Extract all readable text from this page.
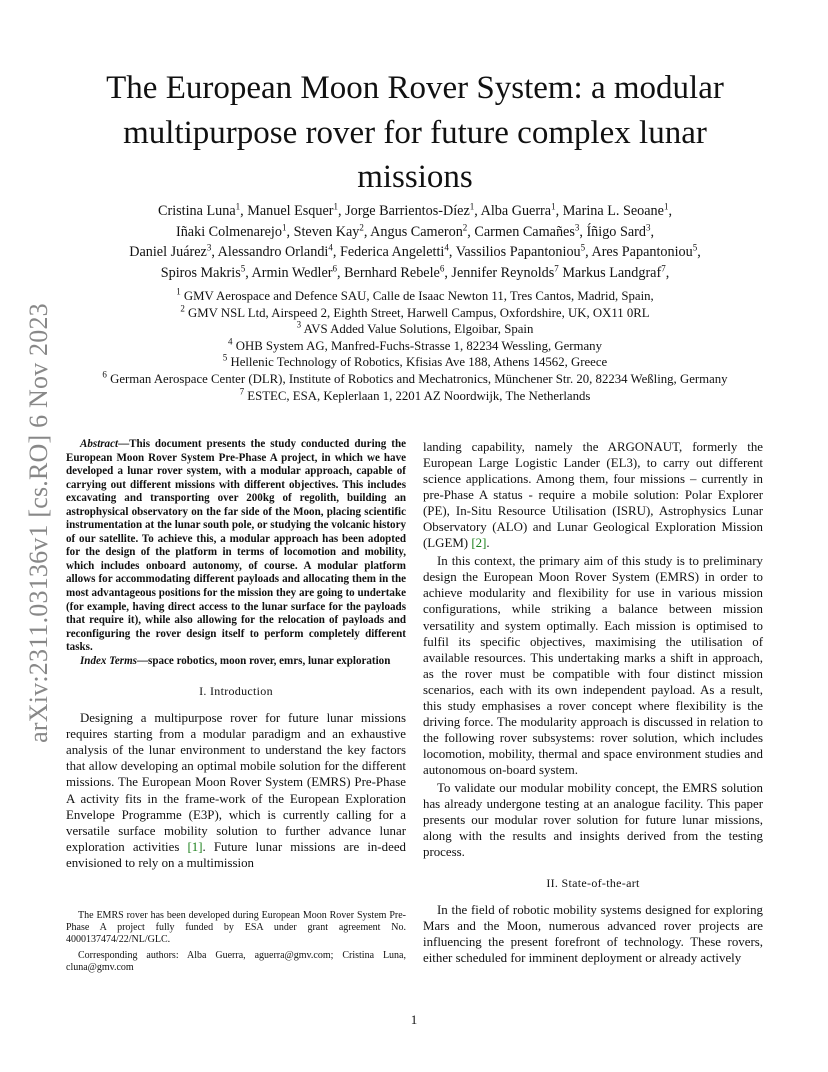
arXiv:2311.03136v1 [cs.RO] 6 Nov 2023
The European Moon Rover System: a modular multipurpose rover for future complex lunar missions
Cristina Luna$^1$, Manuel Esquer$^1$, Jorge Barrientos-Díez$^1$, Alba Guerra$^1$, Marina L. Seoane$^1$,
Iñaki Colmenarejo$^1$, Steven Kay$^2$, Angus Cameron$^2$, Carmen Camañes$^3$, Íñigo Sard$^3$,
Daniel Juárez$^3$, Alessandro Orlandi$^4$, Federica Angeletti$^4$, Vassilios Papantoniou$^5$, Ares Papantoniou$^5$,
Spiros Makris$^5$, Armin Wedler$^6$, Bernhard Rebele$^6$, Jennifer Reynolds$^7$ Markus Landgraf$^7$,
$^1$ GMV Aerospace and Defence SAU, Calle de Isaac Newton 11, Tres Cantos, Madrid, Spain,
$^2$ GMV NSL Ltd, Airspeed 2, Eighth Street, Harwell Campus, Oxfordshire, UK, OX11 0RL
$^3$ AVS Added Value Solutions, Elgoibar, Spain
$^4$ OHB System AG, Manfred-Fuchs-Strasse 1, 82234 Wessling, Germany
$^5$ Hellenic Technology of Robotics, Kfisias Ave 188, Athens 14562, Greece
$^6$ German Aerospace Center (DLR), Institute of Robotics and Mechatronics, Münchener Str. 20, 82234 Weßling, Germany
$^7$ ESTEC, ESA, Keplerlaan 1, 2201 AZ Noordwijk, The Netherlands

Abstract—This document presents the study conducted during the European Moon Rover System Pre-Phase A project, in which we have developed a lunar rover system, with a modular approach, capable of carrying out different missions with different objectives. This includes excavating and transporting over 200kg of regolith, building an astrophysical observatory on the far side of the Moon, placing scientific instrumentation at the lunar south pole, or studying the volcanic history of our satellite. To achieve this, a modular approach has been adopted for the design of the platform in terms of locomotion and mobility, which includes onboard autonomy, of course. A modular platform allows for accommodating different payloads and allocating them in the most advantageous positions for the mission they are going to undertake (for example, having direct access to the lunar surface for the payloads that require it), while also allowing for the relocation of payloads and reconfiguring the rover design itself to perform completely different tasks.

Index Terms—space robotics, moon rover, emrs, lunar exploration

I. Introduction

Designing a multipurpose rover for future lunar missions requires starting from a modular paradigm and an exhaustive analysis of the lunar environment to understand the key factors that allow developing an optimal mobile solution for the different missions. The European Moon Rover System (EMRS) Pre-Phase A activity fits in the frame-work of the European Exploration Envelope Programme (E3P), which is currently calling for a versatile surface mobility solution to further advance lunar exploration activities [1]. Future lunar missions are in-deed envisioned to rely on a multimission

landing capability, namely the ARGONAUT, formerly the European Large Logistic Lander (EL3), to carry out different science applications. Among them, four missions – currently in pre-Phase A status - require a mobile solution: Polar Explorer (PE), In-Situ Resource Utilisation (ISRU), Astrophysics Lunar Observatory (ALO) and Lunar Geological Exploration Mission (LGEM) [2].

In this context, the primary aim of this study is to preliminary design the European Moon Rover System (EMRS) in order to achieve modularity and flexibility for use in various mission configurations, while striking a balance between mission versatility and system optimally. Each mission is optimised to fulfil its specific objectives, maximising the utilisation of available resources. This undertaking marks a shift in approach, as the rover must be compatible with four distinct mission scenarios, each with its own independent payload. As a result, this study emphasises a rover concept where flexibility is the driving force. The modularity approach is discussed in relation to the following rover subsystems: rover solution, which includes locomotion, mobility, thermal and space environment studies and autonomous on-board system.

To validate our modular mobility concept, the EMRS solution has already undergone testing at an analogue facility. This paper presents our modular rover solution for future lunar missions, along with the results and insights derived from the testing process.

II. State-of-the-art

In the field of robotic mobility systems designed for exploring Mars and the Moon, numerous advanced rover projects are influencing the present forefront of technology. These rovers, either scheduled for imminent deployment or already actively

The EMRS rover has been developed during European Moon Rover System Pre-Phase A project fully funded by ESA under grant agreement No. 4000137474/22/NL/GLC.

Corresponding authors: Alba Guerra, aguerra@gmv.com; Cristina Luna, cluna@gmv.com

1
